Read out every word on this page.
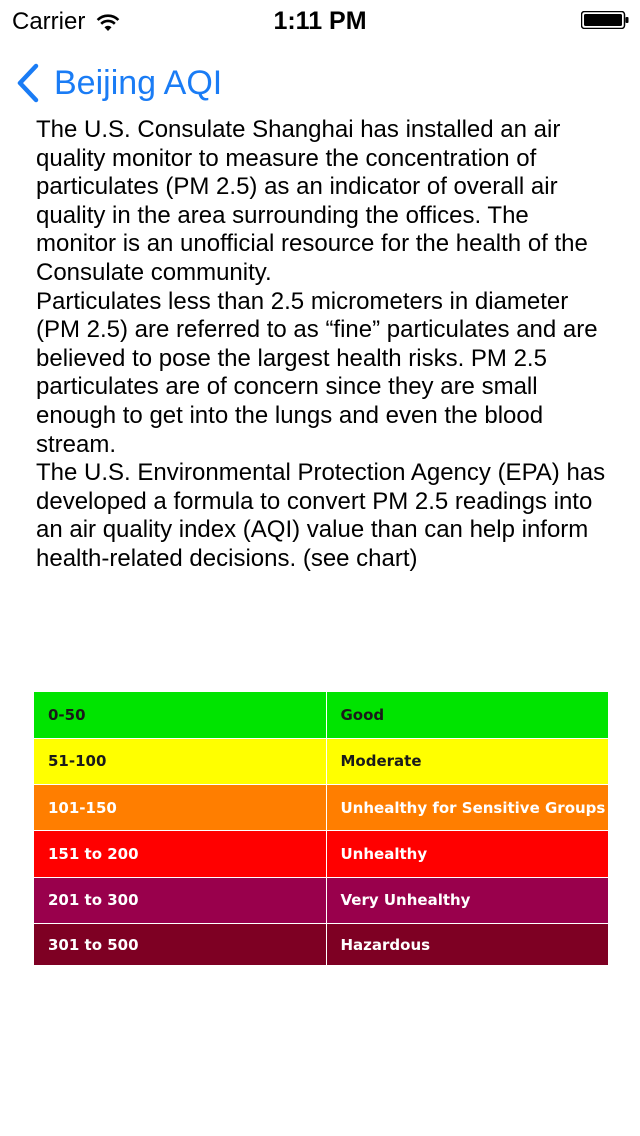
Carrier	1:11 PM
Beijing AQI
The U.S. Consulate Shanghai has installed an air quality monitor to measure the concentration of particulates (PM 2.5) as an indicator of overall air quality in the area surrounding the offices. The monitor is an unofficial resource for the health of the Consulate community.
Particulates less than 2.5 micrometers in diameter (PM 2.5) are referred to as “fine” particulates and are believed to pose the largest health risks. PM 2.5 particulates are of concern since they are small enough to get into the lungs and even the blood stream.
The U.S. Environmental Protection Agency (EPA) has developed a formula to convert PM 2.5 readings into an air quality index (AQI) value than can help inform health-related decisions. (see chart)
0-50	Good
51-100	Moderate
101-150	Unhealthy for Sensitive Groups
151 to 200	Unhealthy
201 to 300	Very Unhealthy
301 to 500	Hazardous
